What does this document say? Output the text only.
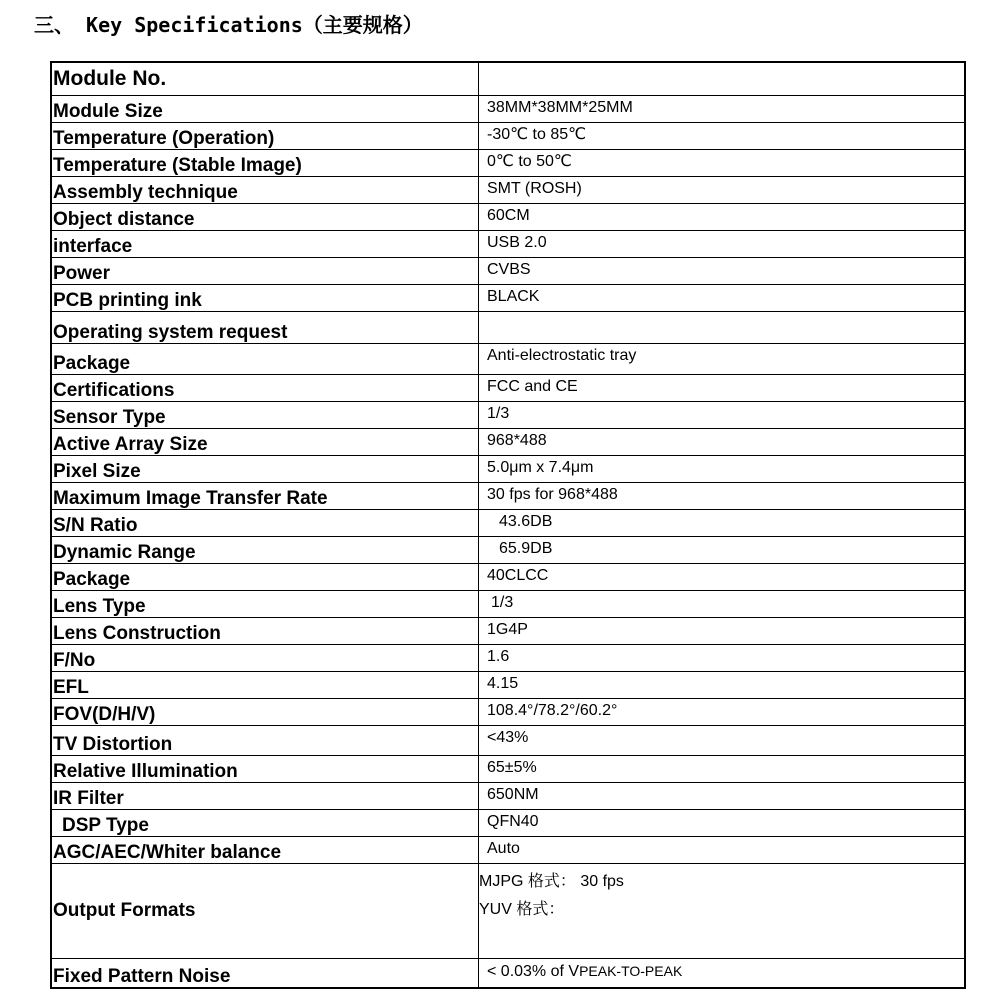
三、 Key Specifications（主要规格）
Module No.	
Module Size	38MM*38MM*25MM
Temperature (Operation)	-30℃ to 85℃
Temperature (Stable Image)	0℃ to 50℃
Assembly technique	SMT (ROSH)
Object distance	60CM
interface	USB 2.0
Power	CVBS
PCB printing ink	BLACK
Operating system request	
Package	Anti-electrostatic tray
Certifications	FCC and CE
Sensor Type	1/3
Active Array Size	968*488
Pixel Size	5.0μm x 7.4μm
Maximum Image Transfer Rate	30 fps for 968*488
S/N Ratio	43.6DB
Dynamic Range	65.9DB
Package	40CLCC
Lens Type	1/3
Lens Construction	1G4P
F/No	1.6
EFL	4.15
FOV(D/H/V)	108.4°/78.2°/60.2°
TV Distortion	<43%
Relative Illumination	65±5%
IR Filter	650NM
DSP Type	QFN40
AGC/AEC/Whiter balance	Auto
Output Formats	MJPG 格式： 30 fps
YUV 格式：

Fixed Pattern Noise	< 0.03% of VPEAK-TO-PEAK
